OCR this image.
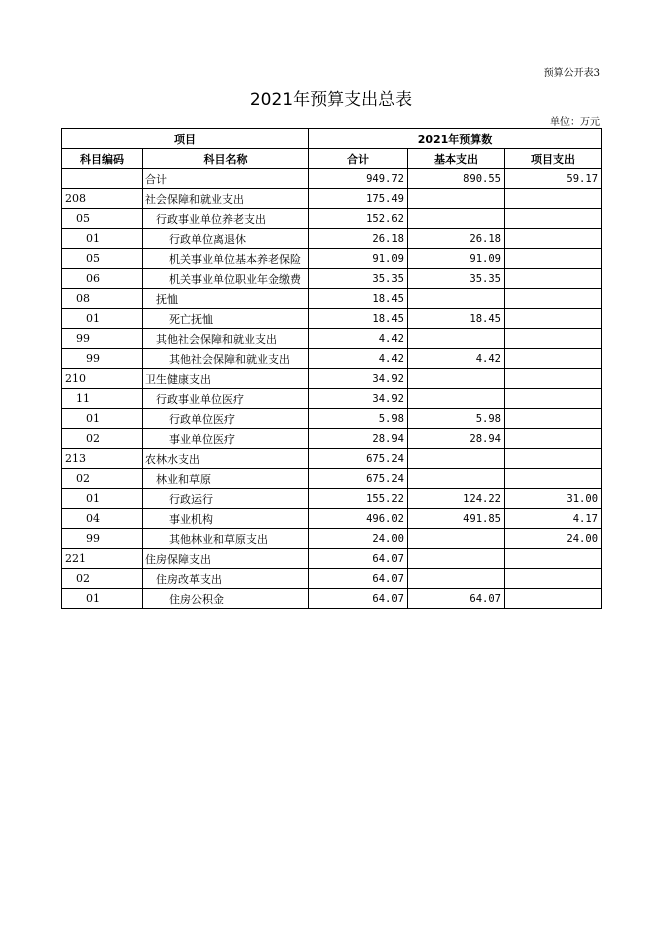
预算公开表3
2021年预算支出总表
单位：万元
项目		2021年预算数		
科目编码	科目名称	合计	基本支出	项目支出
	合计	949.72	890.55	59.17
208	社会保障和就业支出	175.49		
05	行政事业单位养老支出	152.62		
01	行政单位离退休	26.18	26.18	
05	机关事业单位基本养老保险	91.09	91.09	
06	机关事业单位职业年金缴费	35.35	35.35	
08	抚恤	18.45		
01	死亡抚恤	18.45	18.45	
99	其他社会保障和就业支出	4.42		
99	其他社会保障和就业支出	4.42	4.42	
210	卫生健康支出	34.92		
11	行政事业单位医疗	34.92		
01	行政单位医疗	5.98	5.98	
02	事业单位医疗	28.94	28.94	
213	农林水支出	675.24		
02	林业和草原	675.24		
01	行政运行	155.22	124.22	31.00
04	事业机构	496.02	491.85	4.17
99	其他林业和草原支出	24.00		24.00
221	住房保障支出	64.07		
02	住房改革支出	64.07		
01	住房公积金	64.07	64.07	
